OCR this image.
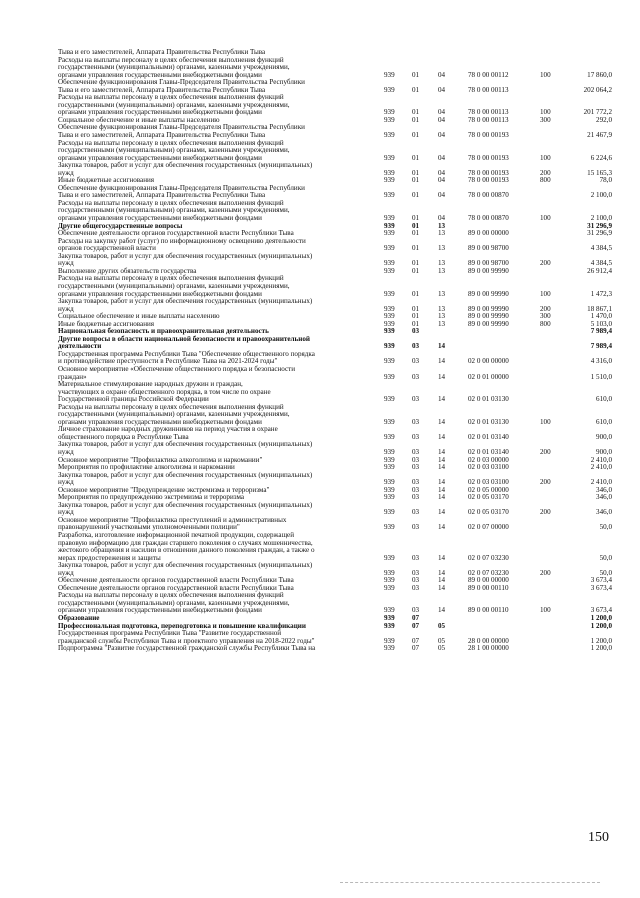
Тыва и его заместителей, Аппарата Правительства Республики Тыва						
Расходы на выплаты персоналу в целях обеспечения выполнения функций
государственными (муниципальными) органами, казенными учреждениями,
органами управления государственными внебюджетными фондами	939	01	04	78 0 00 00112	100	17 860,0
Обеспечение функционирования Главы-Председателя Правительства Республики
Тыва и его заместителей, Аппарата Правительства Республики Тыва	939	01	04	78 0 00 00113		202 064,2
Расходы на выплаты персоналу в целях обеспечения выполнения функций
государственными (муниципальными) органами, казенными учреждениями,
органами управления государственными внебюджетными фондами	939	01	04	78 0 00 00113	100	201 772,2
Социальное обеспечение и иные выплаты населению	939	01	04	78 0 00 00113	300	292,0
Обеспечение функционирования Главы-Председателя Правительства Республики
Тыва и его заместителей, Аппарата Правительства Республики Тыва	939	01	04	78 0 00 00193		21 467,9
Расходы на выплаты персоналу в целях обеспечения выполнения функций
государственными (муниципальными) органами, казенными учреждениями,
органами управления государственными внебюджетными фондами	939	01	04	78 0 00 00193	100	6 224,6
Закупка товаров, работ и услуг для обеспечения государственных (муниципальных)
нужд	939	01	04	78 0 00 00193	200	15 165,3
Иные бюджетные ассигнования	939	01	04	78 0 00 00193	800	78,0
Обеспечение функционирования Главы-Председателя Правительства Республики
Тыва и его заместителей, Аппарата Правительства Республики Тыва	939	01	04	78 0 00 00870		2 100,0
Расходы на выплаты персоналу в целях обеспечения выполнения функций
государственными (муниципальными) органами, казенными учреждениями,
органами управления государственными внебюджетными фондами	939	01	04	78 0 00 00870	100	2 100,0
Другие общегосударственные вопросы	939	01	13			31 296,9
Обеспечение деятельности органов государственной власти Республики Тыва	939	01	13	89 0 00 00000		31 296,9
Расходы на закупку работ (услуг) по информационному освещению деятельности
органов государственной власти	939	01	13	89 0 00 98700		4 384,5
Закупка товаров, работ и услуг для обеспечения государственных (муниципальных)
нужд	939	01	13	89 0 00 98700	200	4 384,5
Выполнение других обязательств государства	939	01	13	89 0 00 99990		26 912,4
Расходы на выплаты персоналу в целях обеспечения выполнения функций
государственными (муниципальными) органами, казенными учреждениями,
органами управления государственными внебюджетными фондами	939	01	13	89 0 00 99990	100	1 472,3
Закупка товаров, работ и услуг для обеспечения государственных (муниципальных)
нужд	939	01	13	89 0 00 99990	200	18 867,1
Социальное обеспечение и иные выплаты населению	939	01	13	89 0 00 99990	300	1 470,0
Иные бюджетные ассигнования	939	01	13	89 0 00 99990	800	5 103,0
Национальная безопасность и правоохранительная деятельность	939	03				7 989,4
Другие вопросы в области национальной безопасности и правоохранительной
деятельности	939	03	14			7 989,4
Государственная программа Республики Тыва "Обеспечение общественного порядка
и противодействие преступности в Республике Тыва на 2021-2024 годы"	939	03	14	02 0 00 00000		4 316,0
Основное мероприятие «Обеспечение общественного порядка и безопасности
граждан»	939	03	14	02 0 01 00000		1 510,0
Материальное стимулирование народных дружин и граждан,
участвующих в охране общественного порядка, в том числе по охране
Государственной границы Российской Федерации	939	03	14	02 0 01 03130		610,0
Расходы на выплаты персоналу в целях обеспечения выполнения функций
государственными (муниципальными) органами, казенными учреждениями,
органами управления государственными внебюджетными фондами	939	03	14	02 0 01 03130	100	610,0
Личное страхование народных дружинников на период участия в охране
общественного порядка в Республике Тыва	939	03	14	02 0 01 03140		900,0
Закупка товаров, работ и услуг для обеспечения государственных (муниципальных)
нужд	939	03	14	02 0 01 03140	200	900,0
Основное мероприятие "Профилактика алкоголизма и наркомании"	939	03	14	02 0 03 00000		2 410,0
Мероприятия по профилактике алкоголизма и наркомании	939	03	14	02 0 03 03100		2 410,0
Закупка товаров, работ и услуг для обеспечения государственных (муниципальных)
нужд	939	03	14	02 0 03 03100	200	2 410,0
Основное мероприятие "Предупреждение экстремизма и терроризма"	939	03	14	02 0 05 00000		346,0
Мероприятия по предупреждению экстремизма и терроризма	939	03	14	02 0 05 03170		346,0
Закупка товаров, работ и услуг для обеспечения государственных (муниципальных)
нужд	939	03	14	02 0 05 03170	200	346,0
Основное мероприятие "Профилактика преступлений и административных
правонарушений участковыми уполномоченными полиции"	939	03	14	02 0 07 00000		50,0
Разработка, изготовление информационной печатной продукции, содержащей
правовую информацию для граждан старшего поколения о случаях мошенничества,
жестокого обращения и насилии в отношении данного поколения граждан, а также о
мерах предостережения и защиты	939	03	14	02 0 07 03230		50,0
Закупка товаров, работ и услуг для обеспечения государственных (муниципальных)
нужд	939	03	14	02 0 07 03230	200	50,0
Обеспечение деятельности органов государственной власти Республики Тыва	939	03	14	89 0 00 00000		3 673,4
Обеспечение деятельности органов государственной власти Республики Тыва	939	03	14	89 0 00 00110		3 673,4
Расходы на выплаты персоналу в целях обеспечения выполнения функций
государственными (муниципальными) органами, казенными учреждениями,
органами управления государственными внебюджетными фондами	939	03	14	89 0 00 00110	100	3 673,4
Образование	939	07				1 200,0
Профессиональная подготовка, переподготовка и повышение квалификации	939	07	05			1 200,0
Государственная программа Республики Тыва "Развитие государственной
гражданской службы Республики Тыва и проектного управления на 2018-2022 годы"	939	07	05	28 0 00 00000		1 200,0
Подпрограмма "Развитие государственной гражданской службы Республики Тыва на	939	07	05	28 1 00 00000		1 200,0
150
